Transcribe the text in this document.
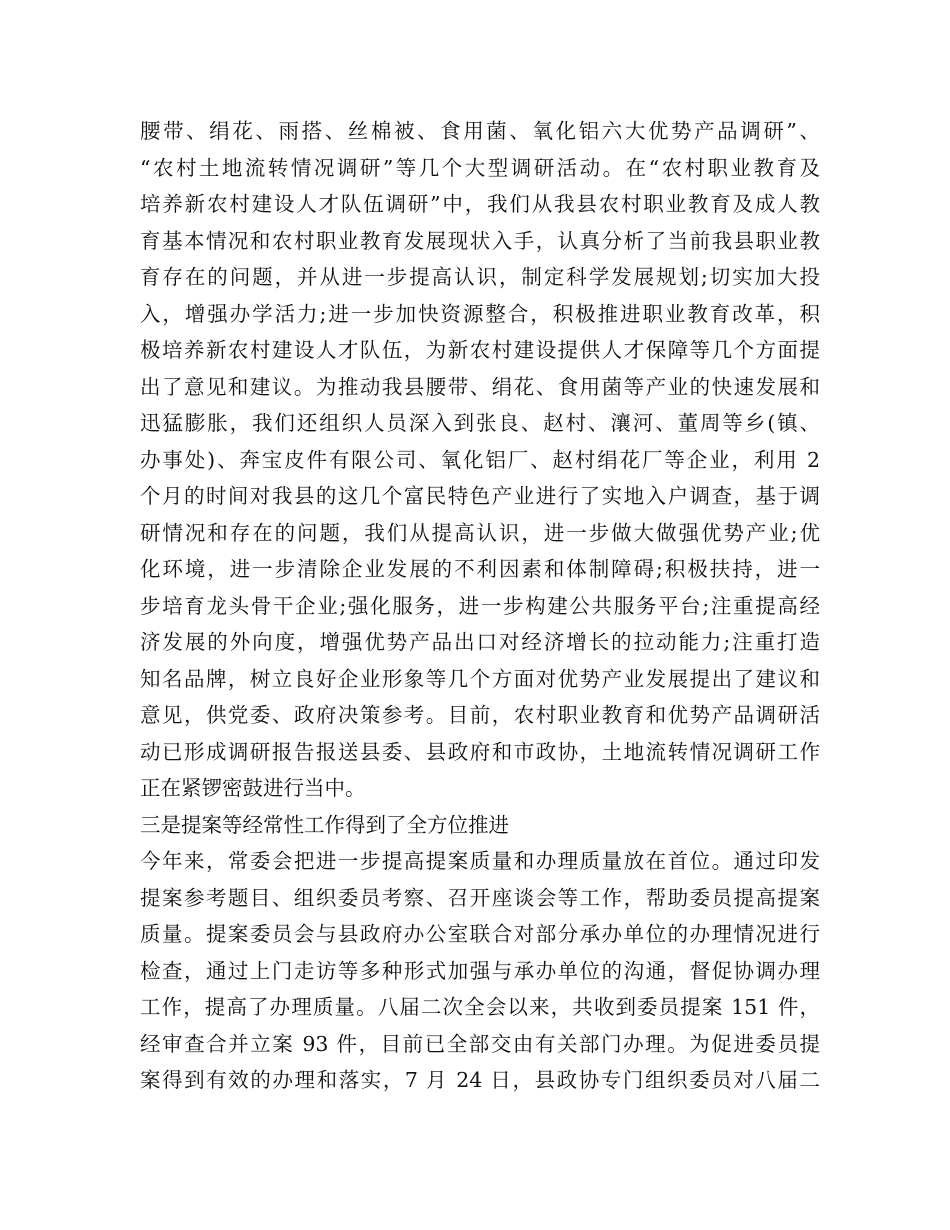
腰带、绢花、雨搭、丝棉被、食用菌、氧化铝六大优势产品调研”、
“农村土地流转情况调研”等几个大型调研活动。在“农村职业教育及
培养新农村建设人才队伍调研”中，我们从我县农村职业教育及成人教
育基本情况和农村职业教育发展现状入手，认真分析了当前我县职业教
育存在的问题，并从进一步提高认识，制定科学发展规划;切实加大投
入，增强办学活力;进一步加快资源整合，积极推进职业教育改革，积
极培养新农村建设人才队伍，为新农村建设提供人才保障等几个方面提
出了意见和建议。为推动我县腰带、绢花、食用菌等产业的快速发展和
迅猛膨胀，我们还组织人员深入到张良、赵村、瀼河、董周等乡(镇、
办事处)、奔宝皮件有限公司、氧化铝厂、赵村绢花厂等企业，利用 2
个月的时间对我县的这几个富民特色产业进行了实地入户调查，基于调
研情况和存在的问题，我们从提高认识，进一步做大做强优势产业;优
化环境，进一步清除企业发展的不利因素和体制障碍;积极扶持，进一
步培育龙头骨干企业;强化服务，进一步构建公共服务平台;注重提高经
济发展的外向度，增强优势产品出口对经济增长的拉动能力;注重打造
知名品牌，树立良好企业形象等几个方面对优势产业发展提出了建议和
意见，供党委、政府决策参考。目前，农村职业教育和优势产品调研活
动已形成调研报告报送县委、县政府和市政协，土地流转情况调研工作
正在紧锣密鼓进行当中。
三是提案等经常性工作得到了全方位推进
今年来，常委会把进一步提高提案质量和办理质量放在首位。通过印发
提案参考题目、组织委员考察、召开座谈会等工作，帮助委员提高提案
质量。提案委员会与县政府办公室联合对部分承办单位的办理情况进行
检查，通过上门走访等多种形式加强与承办单位的沟通，督促协调办理
工作，提高了办理质量。八届二次全会以来，共收到委员提案 151 件，
经审查合并立案 93 件，目前已全部交由有关部门办理。为促进委员提
案得到有效的办理和落实，7 月 24 日，县政协专门组织委员对八届二
